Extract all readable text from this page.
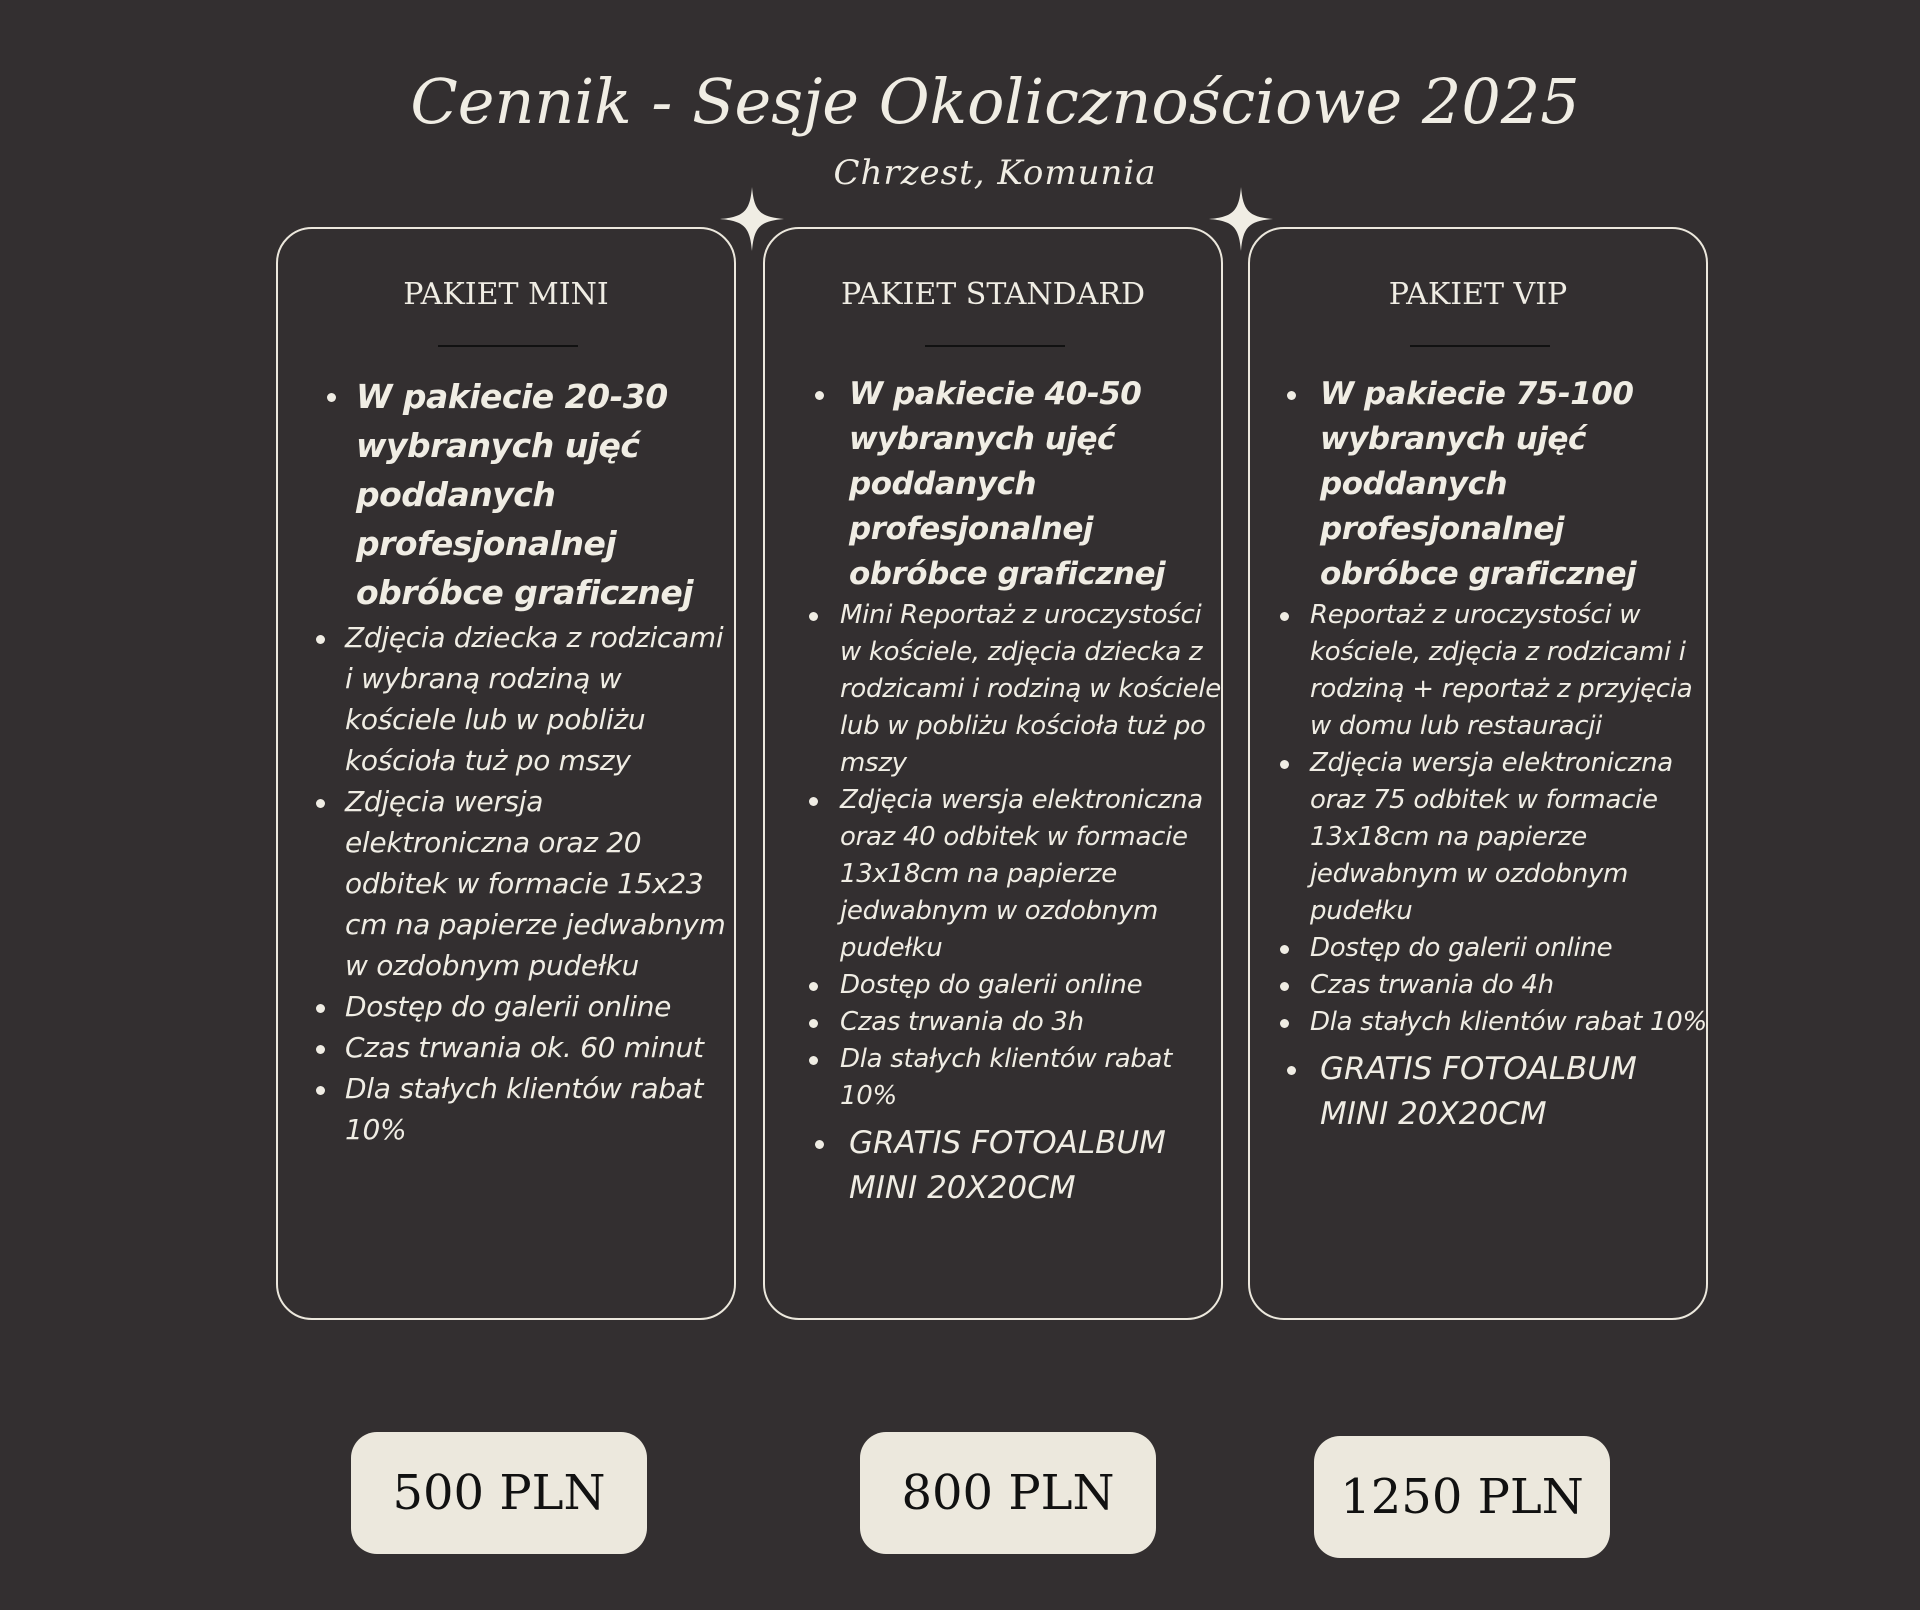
Cennik - Sesje Okolicznościowe 2025
Chrzest, Komunia
PAKIET MINI
W pakiecie 20-30 wybranych ujęć poddanych profesjonalnej obróbce graficznej
Zdjęcia dziecka z rodzicami i wybraną rodziną w kościele lub w pobliżu kościoła tuż po mszy
Zdjęcia wersja elektroniczna oraz 20 odbitek w formacie 15x23 cm na papierze jedwabnym w ozdobnym pudełku
Dostęp do galerii online
Czas trwania ok. 60 minut
Dla stałych klientów rabat 10%
PAKIET STANDARD
W pakiecie 40-50 wybranych ujęć poddanych profesjonalnej obróbce graficznej
Mini Reportaż z uroczystości w kościele, zdjęcia dziecka z rodzicami i rodziną w kościele lub w pobliżu kościoła tuż po mszy
Zdjęcia wersja elektroniczna oraz 40 odbitek w formacie 13x18cm na papierze jedwabnym w ozdobnym pudełku
Dostęp do galerii online
Czas trwania do 3h
Dla stałych klientów rabat 10%
GRATIS FOTOALBUM MINI 20X20CM
PAKIET VIP
W pakiecie 75-100 wybranych ujęć poddanych profesjonalnej obróbce graficznej
Reportaż z uroczystości w kościele, zdjęcia z rodzicami i rodziną + reportaż z przyjęcia w domu lub restauracji
Zdjęcia wersja elektroniczna oraz 75 odbitek w formacie 13x18cm na papierze jedwabnym w ozdobnym pudełku
Dostęp do galerii online
Czas trwania do 4h
Dla stałych klientów rabat 10%
GRATIS FOTOALBUM MINI 20X20CM
500 PLN	800 PLN	1250 PLN
